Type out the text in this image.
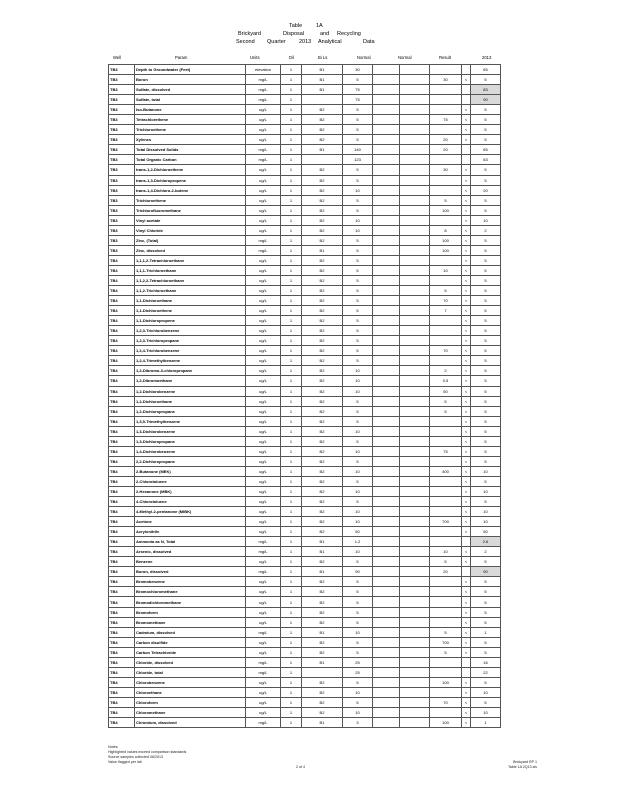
Table	1A
Brickyard	Disposal	and Recycling
Second Quarter 2013 Analytical	Data
Well	Param	Units	Dil	Bi Ls	Normal	Normal	Result	2013
TB3	Depth to Groundwater (Feet)	elevation	1	B1	30					65
TB3	Boron	mg/L	1	B1	5			30	<	5
TB3	Sulfate, dissolved	mg/L	1	B1	75					83
TB3	Sulfate, total	mg/L	1		75					90
TB3	Iso-Butanone	ug/L	1	B2	5				<	5
TB3	Tetrachlorethene	ug/L	1	B2	5			75	<	5
TB3	Trichloroethene	ug/L	1	B2	5				<	5
TB3	Xylenes	ug/L	1	B2	5			20	<	5
TB3	Total Dissolved Solids	mg/L	1	B1	140			20		65
TB3	Total Organic Carbon	mg/L	1		123					63
TB3	trans-1,2-Dichloroethene	ug/L	1	B2	5			30	<	5
TB3	trans-1,3-Dichloropropene	ug/L	1	B2	5				<	5
TB3	trans-1,4-Dichloro-2-butene	ug/L	1	B2	10				<	20
TB3	Trichloroethene	ug/L	1	B2	5			5	<	5
TB3	Trichlorofluoromethane	ug/L	1	B2	5			100	<	5
TB3	Vinyl acetate	ug/L	1	B2	10				<	10
TB3	Vinyl Chloride	ug/L	1	B2	10			8	<	2
TB3	Zinc, (Total)	mg/L	1	B2	5			100	<	5
TB3	Zinc, dissolved	mg/L	1	B1	5			100	<	5
TB4	1,1,1,2-Tetrachloroethane	ug/L	1	B2	5				<	5
TB4	1,1,1-Trichloroethane	ug/L	1	B2	5			10	<	5
TB4	1,1,2,2-Tetrachloroethane	ug/L	1	B2	5				<	5
TB4	1,1,2-Trichloroethane	ug/L	1	B2	5			5	<	5
TB4	1,1-Dichloroethane	ug/L	1	B2	5			70	<	5
TB4	1,1-Dichloroethene	ug/L	1	B2	5			7	<	5
TB4	1,1-Dichloropropene	ug/L	1	B2	5				<	5
TB4	1,2,3-Trichlorobenzene	ug/L	1	B2	5				<	5
TB4	1,2,3-Trichloropropane	ug/L	1	B2	5				<	5
TB4	1,2,4-Trichlorobenzene	ug/L	1	B2	5			70	<	5
TB4	1,2,4-Trimethylbenzene	ug/L	1	B2	5				<	5
TB4	1,2-Dibromo-3-chloropropane	ug/L	1	B2	10			2	<	5
TB4	1,2-Dibromoethane	ug/L	1	B2	10			0.5	<	5
TB4	1,2-Dichlorobenzene	ug/L	1	B2	10			50	<	5
TB4	1,2-Dichloroethane	ug/L	1	B2	5			5	<	5
TB4	1,2-Dichloropropane	ug/L	1	B2	5			5	<	5
TB4	1,3,5-Trimethylbenzene	ug/L	1	B2	5				<	5
TB4	1,3-Dichlorobenzene	ug/L	1	B2	10				<	5
TB4	1,3-Dichloropropane	ug/L	1	B2	5				<	5
TB4	1,4-Dichlorobenzene	ug/L	1	B2	10			75	<	5
TB4	2,2-Dichloropropane	ug/L	1	B2	5				<	5
TB4	2-Butanone (MEK)	ug/L	1	B2	10			400	<	10
TB4	2-Chlorotoluene	ug/L	1	B2	5				<	5
TB4	2-Hexanone (MBK)	ug/L	1	B2	10				<	10
TB4	4-Chlorotoluene	ug/L	1	B2	5				<	5
TB4	4-Methyl-2-pentanone (MIBK)	ug/L	1	B2	10				<	10
TB4	Acetone	ug/L	1	B2	10			700	<	10
TB4	Acrylonitrile	ug/L	1	B2	50				<	50
TB4	Ammonia as N, Total	mg/L	1	B1	1.2					2.6
TB4	Arsenic, dissolved	mg/L	1	B1	10			10	<	2
TB4	Benzene	ug/L	1	B2	5			5	<	5
TB4	Boron, dissolved	mg/L	1	B1	90			20		90
TB4	Bromobenzene	ug/L	1	B2	5				<	5
TB4	Bromochloromethane	ug/L	1	B2	5				<	5
TB4	Bromodichloromethane	ug/L	1	B2	5				<	5
TB4	Bromoform	ug/L	1	B2	5				<	5
TB4	Bromomethane	ug/L	1	B2	5				<	5
TB4	Cadmium, dissolved	mg/L	1	B1	10			5	<	1
TB4	Carbon disulfide	ug/L	1	B2	5			700	<	5
TB4	Carbon Tetrachloride	ug/L	1	B2	5			5	<	5
TB4	Chloride, dissolved	mg/L	1	B1	25					16
TB4	Chloride, total	mg/L	1		25					22
TB4	Chlorobenzene	ug/L	1	B2	5			100	<	5
TB4	Chloroethane	ug/L	1	B2	10				<	10
TB4	Chloroform	ug/L	1	B2	5			70	<	5
TB4	Chloromethane	ug/L	1	B2	10				<	10
TB4	Chromium, dissolved	mg/L	1	B1	3			100	<	1
Notes:
Highlighted values exceed comparison standards
Source samples collected 06/2013
Value flagged per lab
2 of 4
Brickyard RP 1
Table 1A 2Q13.xls
